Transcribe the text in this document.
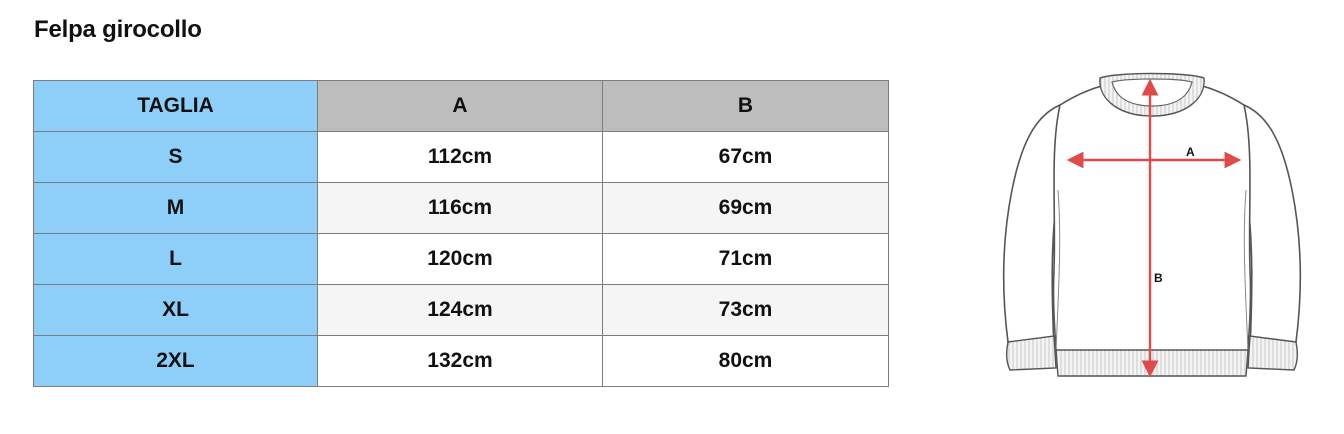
Felpa girocollo
TAGLIA	A	B
S	112cm	67cm
M	116cm	69cm
L	120cm	71cm
XL	124cm	73cm
2XL	132cm	80cm
A
B
